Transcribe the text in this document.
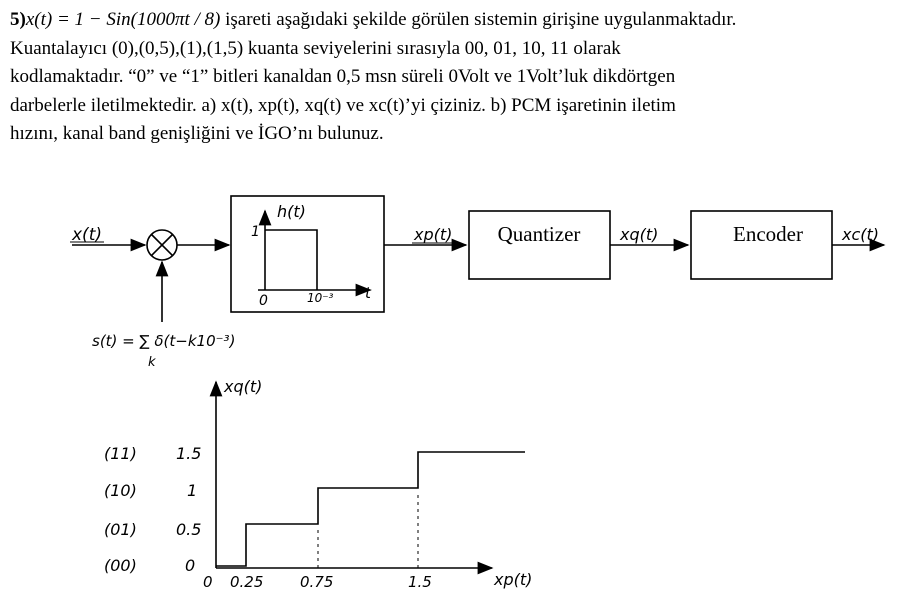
5)x(t) = 1 − Sin(1000πt / 8) işareti aşağıdaki şekilde görülen sistemin girişine uygulanmaktadır.

Kuantalayıcı (0),(0,5),(1),(1,5) kuanta seviyelerini sırasıyla 00, 01, 10, 11 olarak

kodlamaktadır. “0” ve “1” bitleri kanaldan 0,5 msn süreli 0Volt ve 1Volt’luk dikdörtgen

darbelerle iletilmektedir. a) x(t), xp(t), xq(t) ve xc(t)’yi çiziniz. b) PCM işaretinin iletim

hızını, kanal band genişliğini ve İGO’nı bulunuz.

x(t)
h(t)
1
0	10⁻³ t
xp(t) Quantizer xq(t)	Encoder xc(t)
s(t) = ∑ δ(t−k10⁻³)
k
xq(t)
xp(t)
(11)
(10)
(01)
(00)
1.5
1
0.5
0
0 0.25 0.75	1.5
